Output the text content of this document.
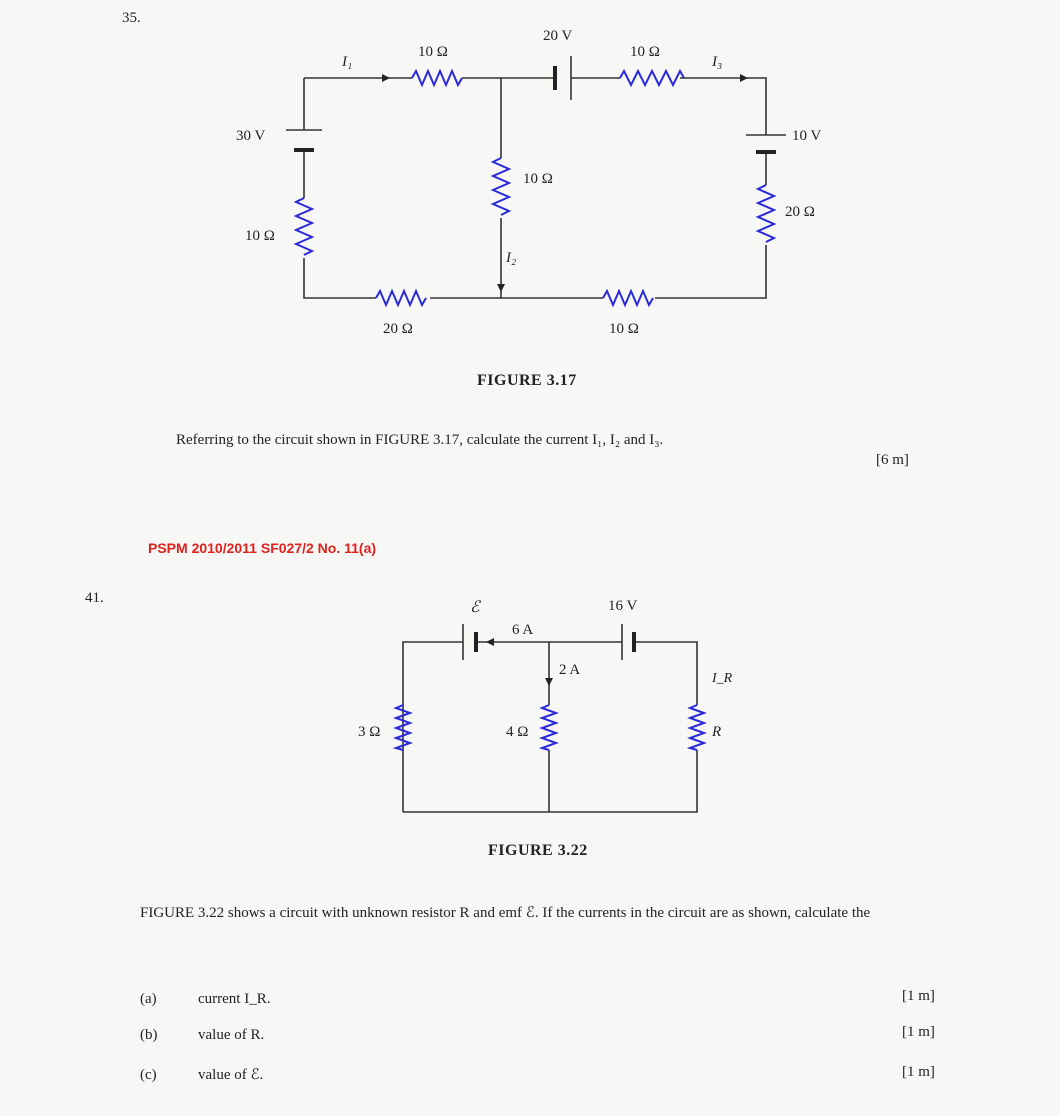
35.
10 Ω
I₁
20 V
10 Ω
I₃
30 V
10 Ω
10 Ω
I₂
10 V
20 Ω
20 Ω	10 Ω
FIGURE 3.17
Referring to the circuit shown in FIGURE 3.17, calculate the current I₁, I₂ and I₃.
[6 m]
PSPM 2010/2011 SF027/2 No. 11(a)
41.
ℰ
6 A
16 V
2 A
I_R
3 Ω	4 Ω	R
FIGURE 3.22
FIGURE 3.22 shows a circuit with unknown resistor R and emf ℰ. If the currents in the circuit are as shown, calculate the
(a)	current I_R.	[1 m]
(b)	value of R.	[1 m]
(c)	value of ℰ.	[1 m]
